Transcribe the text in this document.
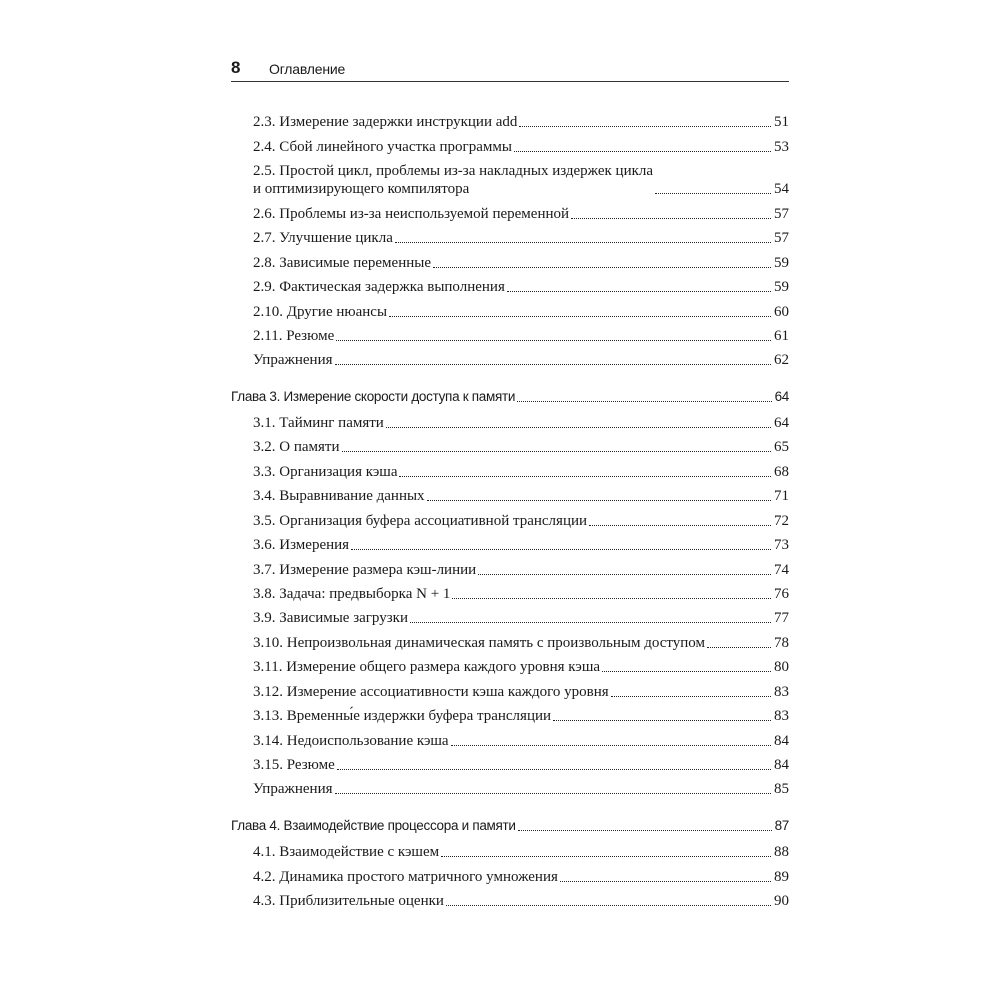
8 Оглавление
2.3. Измерение задержки инструкции add	51
2.4. Сбой линейного участка программы	53
2.5. Простой цикл, проблемы из-за накладных издержек цикла
и оптимизирующего компилятора	54
2.6. Проблемы из-за неиспользуемой переменной	57
2.7. Улучшение цикла	57
2.8. Зависимые переменные	59
2.9. Фактическая задержка выполнения	59
2.10. Другие нюансы	60
2.11. Резюме	61
Упражнения	62
Глава 3. Измерение скорости доступа к памяти	64
3.1. Тайминг памяти	64
3.2. О памяти	65
3.3. Организация кэша	68
3.4. Выравнивание данных	71
3.5. Организация буфера ассоциативной трансляции	72
3.6. Измерения	73
3.7. Измерение размера кэш-линии	74
3.8. Задача: предвыборка N + 1	76
3.9. Зависимые загрузки	77
3.10. Непроизвольная динамическая память с произвольным доступом	78
3.11. Измерение общего размера каждого уровня кэша	80
3.12. Измерение ассоциативности кэша каждого уровня	83
3.13. Временны́е издержки буфера трансляции	83
3.14. Недоиспользование кэша	84
3.15. Резюме	84
Упражнения	85
Глава 4. Взаимодействие процессора и памяти	87
4.1. Взаимодействие с кэшем	88
4.2. Динамика простого матричного умножения	89
4.3. Приблизительные оценки	90
